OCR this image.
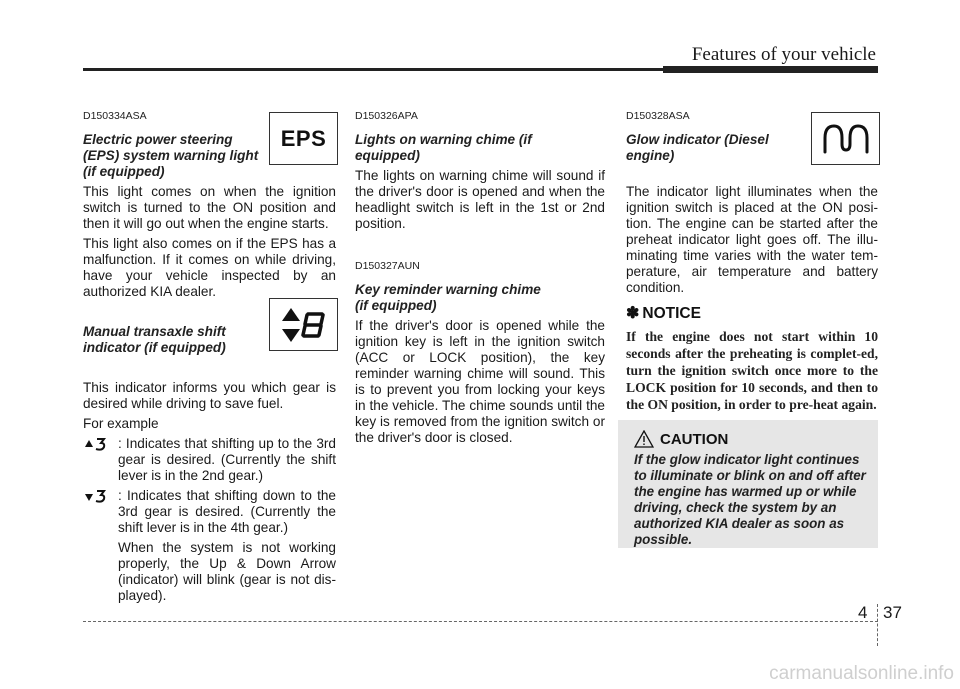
Features of your vehicle
D150334ASA
Electric power steering (EPS) system warning light (if equipped)

This light comes on when the ignition switch is turned to the ON position and then it will go out when the engine starts.

This light also comes on if the EPS has a malfunction. If it comes on while driving, have your vehicle inspected by an authorized KIA dealer.

Manual transaxle shift indicator (if equipped)

This indicator informs you which gear is desired while driving to save fuel.

For example

: Indicates that shifting up to the 3rd gear is desired. (Currently the shift lever is in the 2nd gear.)
: Indicates that shifting down to the 3rd gear is desired. (Currently the shift lever is in the 4th gear.)

When the system is not working properly, the Up & Down Arrow (indicator) will blink (gear is not dis-played).

EPS
D150326APA
Lights on warning chime (if equipped)

The lights on warning chime will sound if the driver's door is opened and when the headlight switch is left in the 1st or 2nd position.

D150327AUN
Key reminder warning chime (if equipped)

If the driver's door is opened while the ignition key is left in the ignition switch (ACC or LOCK position), the key reminder warning chime will sound. This is to prevent you from locking your keys in the vehicle. The chime sounds until the key is removed from the ignition switch or the driver's door is closed.

D150328ASA
Glow indicator (Diesel engine)

The indicator light illuminates when the ignition switch is placed at the ON posi-tion. The engine can be started after the preheat indicator light goes off. The illu-minating time varies with the water tem-perature, air temperature and battery condition.

✽ NOTICE

If the engine does not start within 10 seconds after the preheating is complet-ed, turn the ignition switch once more to the LOCK position for 10 seconds, and then to the ON position, in order to pre-heat again.

CAUTION
If the glow indicator light continues to illuminate or blink on and off after the engine has warmed up or while driving, check the system by an authorized KIA dealer as soon as possible.
4 37
carmanualsonline.info
